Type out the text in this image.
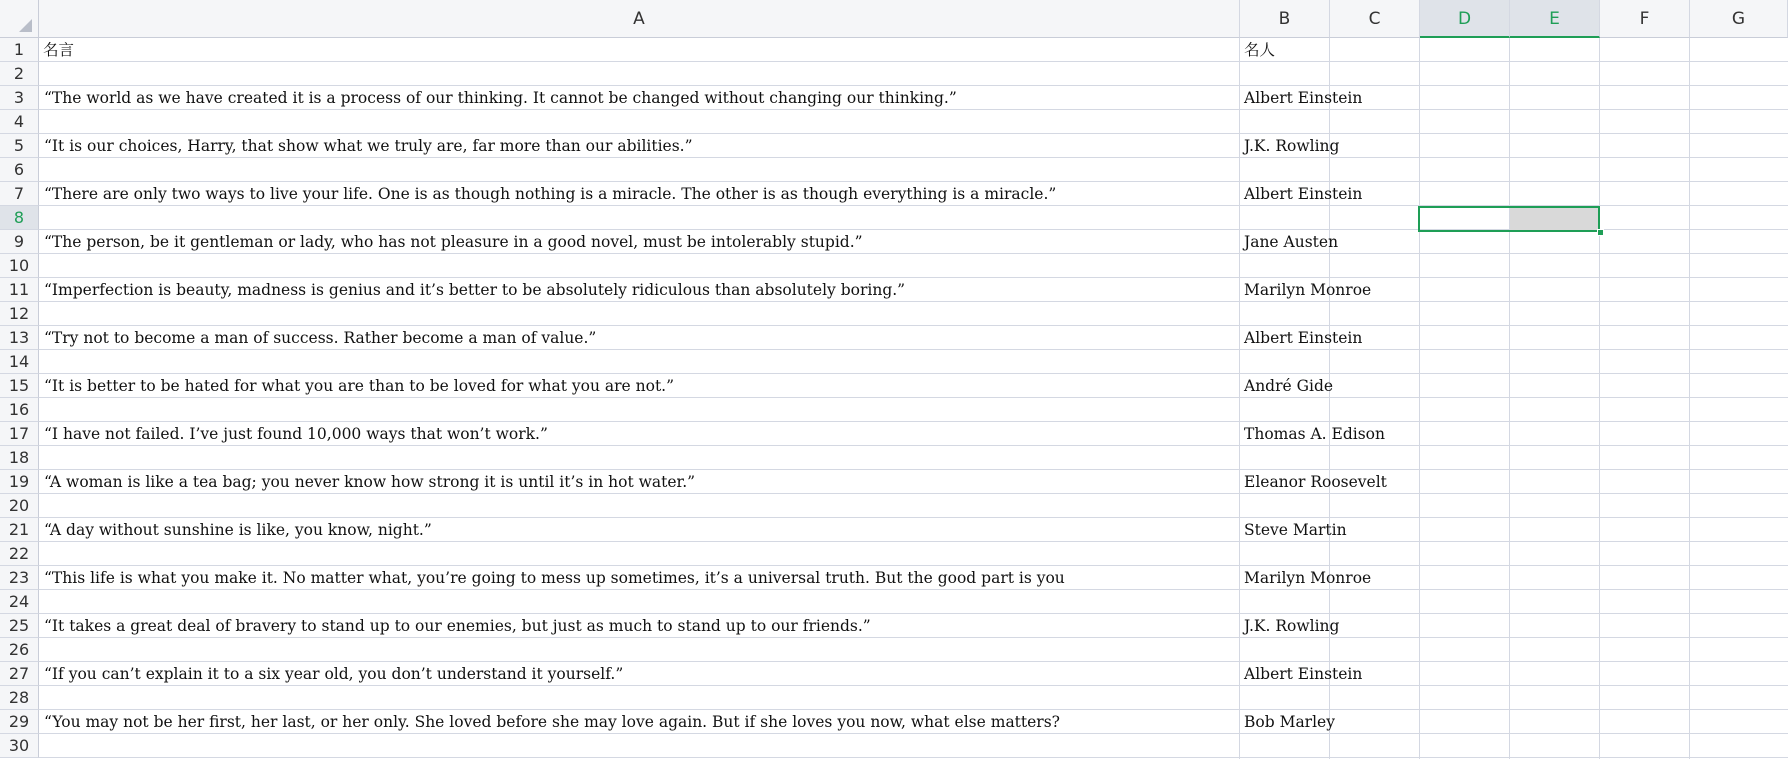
A	B	C	D	E	F	G
1	名言	名人
2
3	“The world as we have created it is a process of our thinking. It cannot be changed without changing our thinking.”	Albert Einstein
4
5	“It is our choices, Harry, that show what we truly are, far more than our abilities.”	J.K. Rowling
6
7	“There are only two ways to live your life. One is as though nothing is a miracle. The other is as though everything is a miracle.”	Albert Einstein
8
9	“The person, be it gentleman or lady, who has not pleasure in a good novel, must be intolerably stupid.”	Jane Austen
10
11 “Imperfection is beauty, madness is genius and it’s better to be absolutely ridiculous than absolutely boring.”	Marilyn Monroe
12
13 “Try not to become a man of success. Rather become a man of value.”	Albert Einstein
14
15 “It is better to be hated for what you are than to be loved for what you are not.”	André Gide
16
17 “I have not failed. I’ve just found 10,000 ways that won’t work.”	Thomas A. Edison
18
19 “A woman is like a tea bag; you never know how strong it is until it’s in hot water.”	Eleanor Roosevelt
20
21 “A day without sunshine is like, you know, night.”	Steve Martin
22
23 “This life is what you make it. No matter what, you’re going to mess up sometimes, it’s a universal truth. But the good part is you	Marilyn Monroe
24
25 “It takes a great deal of bravery to stand up to our enemies, but just as much to stand up to our friends.”	J.K. Rowling
26
27 “If you can’t explain it to a six year old, you don’t understand it yourself.”	Albert Einstein
28
29 “You may not be her first, her last, or her only. She loved before she may love again. But if she loves you now, what else matters?	Bob Marley
30
